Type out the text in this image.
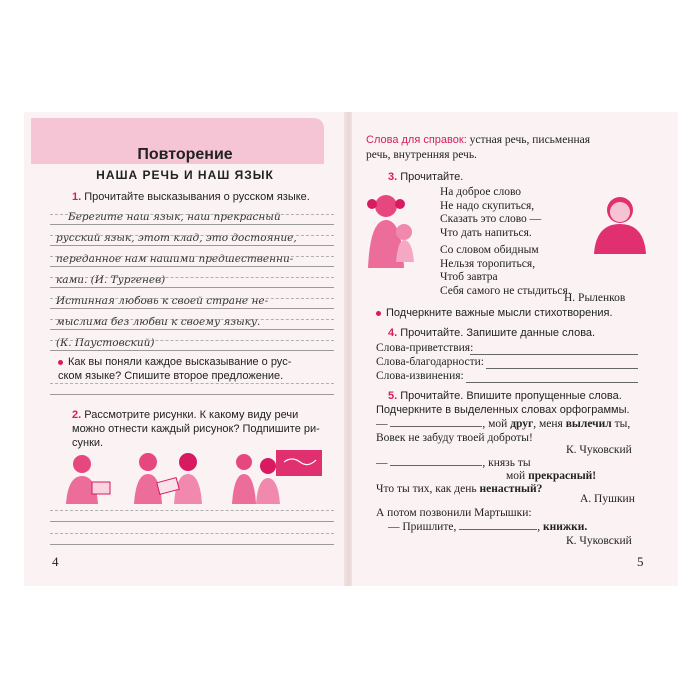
Повторение
НАША РЕЧЬ И НАШ ЯЗЫК
1. Прочитайте высказывания о русском языке.
Берегите наш язык, наш прекрасный
русский язык, этот клад, это достояние,
переданное нам нашими предшественни-
ками. (И. Тургенев)
Истинная любовь к своей стране не-
мыслима без любви к своему языку.
(К. Паустовский)
Как вы поняли каждое высказывание о рус-
ском языке? Спишите второе предложение.
2. Рассмотрите рисунки. К какому виду речи
можно отнести каждый рисунок? Подпишите ри-
сунки.
4
Слова для справок: устная речь, письменная
речь, внутренняя речь.
3. Прочитайте.
На доброе слово
Не надо скупиться,
Сказать это слово —
Что дать напиться.
Со словом обидным
Нельзя торопиться,
Чтоб завтра
Себя самого не стыдиться.
Н. Рыленков
Подчеркните важные мысли стихотворения.
4. Прочитайте. Запишите данные слова.
Слова-приветствия:
Слова-благодарности:
Слова-извинения:
5. Прочитайте. Впишите пропущенные слова.
Подчеркните в выделенных словах орфограммы.
—	, мой друг, меня вылечил ты,
Вовек не забуду твоей доброты!
К. Чуковский
—	, князь ты
мой прекрасный!
Что ты тих, как день ненастный?
А. Пушкин
А потом позвонили Мартышки:
— Пришлите,	, книжки.
К. Чуковский
5
